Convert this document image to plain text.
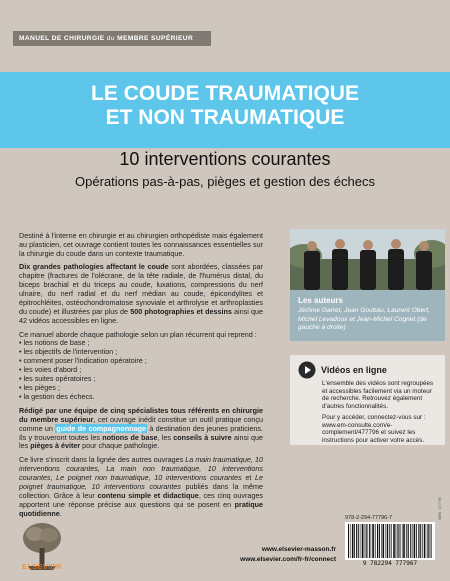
MANUEL DE CHIRURGIE du MEMBRE SUPÉRIEUR
LE COUDE TRAUMATIQUE
ET NON TRAUMATIQUE
10 interventions courantes
Opérations pas-à-pas, pièges et gestion des échecs

Destiné à l'interne en chirurgie et au chirurgien orthopédiste mais également au plasticien, cet ouvrage contient toutes les connaissances essentielles sur la chirurgie du coude dans un contexte traumatique.

Dix grandes pathologies affectant le coude sont abordées, classées par chapitre (fractures de l'olécrane, de la tête radiale, de l'humérus distal, du biceps brachial et du triceps au coude, luxations, compressions du nerf ulnaire, du nerf radial et du nerf médian au coude, épicondylites et épitrochléites, ostéochondromatose synoviale et arthrolyse et arthroplasties du coude) et illustrées par plus de 500 photographies et dessins ainsi que 42 vidéos accessibles en ligne.

Ce manuel aborde chaque pathologie selon un plan récurrent qui reprend :

• les notions de base ;
• les objectifs de l'intervention ;
• comment poser l'indication opératoire ;
• les voies d'abord ;
• les suites opératoires ;
• les pièges ;
• la gestion des échecs.

Rédigé par une équipe de cinq spécialistes tous référents en chirurgie du membre supérieur, cet ouvrage inédit constitue un outil pratique conçu comme un guide de compagnonnage à destination des jeunes praticiens. Ils y trouveront toutes les notions de base, les conseils à suivre ainsi que les pièges à éviter pour chaque pathologie.

Ce livre s'inscrit dans la lignée des autres ouvrages La main traumatique, 10 interventions courantes, La main non traumatique, 10 interventions courantes, Le poignet non traumatique, 10 interventions courantes et Le poignet traumatique, 10 interventions courantes publiés dans la même collection. Grâce à leur contenu simple et didactique, ces cinq ouvrages apportent une réponse précise aux questions qui se posent en pratique quotidienne.

Les auteurs
Jérôme Garret, Jean Goubau, Laurent Obert, Michel Levadoux et Jean-Michel Cognet (de gauche à droite)
Vidéos en ligne

L'ensemble des vidéos sont regroupées et accessibles facilement via un moteur de recherche. Retrouvez également d'autres fonctionnalités.

Pour y accéder, connectez-vous sur : www.em-consulte.com/e-complement/477796 et suivez les instructions pour activer votre accès.

978-2-294-77796-7
9 782294 777967
ISBN : 477796
www.elsevier-masson.fr
www.elsevier.com/fr-fr/connect
ELSEVIER
